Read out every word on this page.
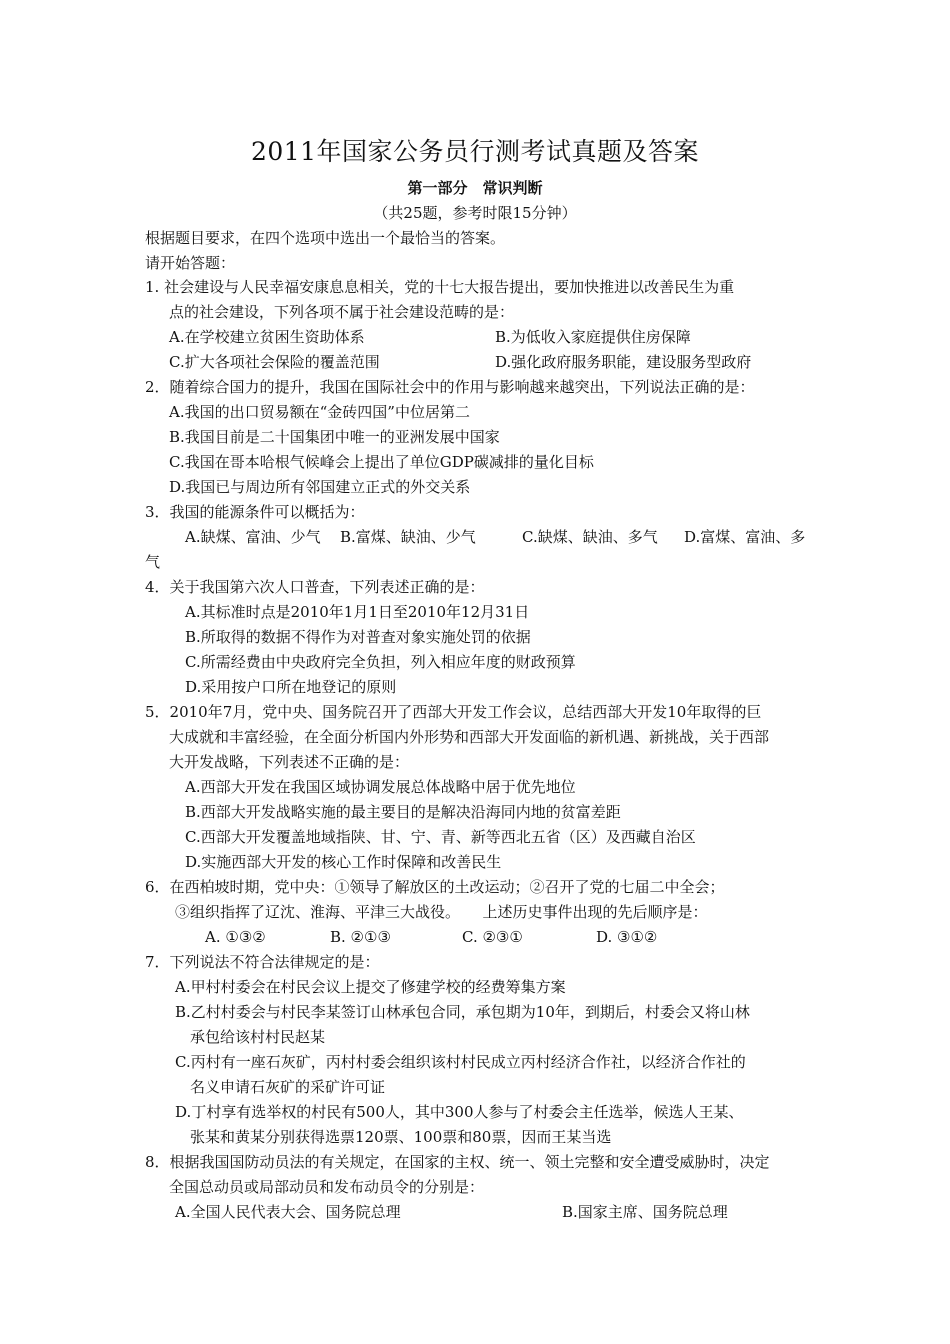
2011年国家公务员行测考试真题及答案
第一部分　常识判断
（共25题，参考时限15分钟）
根据题目要求，在四个选项中选出一个最恰当的答案。
请开始答题：
1. 社会建设与人民幸福安康息息相关，党的十七大报告提出，要加快推进以改善民生为重
点的社会建设，下列各项不属于社会建设范畴的是：
A.在学校建立贫困生资助体系	B.为低收入家庭提供住房保障
C.扩大各项社会保险的覆盖范围	D.强化政府服务职能，建设服务型政府
2．随着综合国力的提升，我国在国际社会中的作用与影响越来越突出，下列说法正确的是：
A.我国的出口贸易额在“金砖四国”中位居第二
B.我国目前是二十国集团中唯一的亚洲发展中国家
C.我国在哥本哈根气候峰会上提出了单位GDP碳减排的量化目标
D.我国已与周边所有邻国建立正式的外交关系
3．我国的能源条件可以概括为：
A.缺煤、富油、少气 B.富煤、缺油、少气	C.缺煤、缺油、多气 D.富煤、富油、多
气
4．关于我国第六次人口普查，下列表述正确的是：
A.其标准时点是2010年1月1日至2010年12月31日
B.所取得的数据不得作为对普查对象实施处罚的依据
C.所需经费由中央政府完全负担，列入相应年度的财政预算
D.采用按户口所在地登记的原则
5．2010年7月，党中央、国务院召开了西部大开发工作会议，总结西部大开发10年取得的巨
大成就和丰富经验，在全面分析国内外形势和西部大开发面临的新机遇、新挑战，关于西部
大开发战略，下列表述不正确的是：
A.西部大开发在我国区域协调发展总体战略中居于优先地位
B.西部大开发战略实施的最主要目的是解决沿海同内地的贫富差距
C.西部大开发覆盖地域指陕、甘、宁、青、新等西北五省（区）及西藏自治区
D.实施西部大开发的核心工作时保障和改善民生
6．在西柏坡时期，党中央：①领导了解放区的土改运动；②召开了党的七届二中全会；
③组织指挥了辽沈、淮海、平津三大战役。　　上述历史事件出现的先后顺序是：
A. ①③②	B. ②①③	C. ②③①	D. ③①②
7．下列说法不符合法律规定的是：
A.甲村村委会在村民会议上提交了修建学校的经费筹集方案
B.乙村村委会与村民李某签订山林承包合同，承包期为10年，到期后，村委会又将山林
承包给该村村民赵某
C.丙村有一座石灰矿，丙村村委会组织该村村民成立丙村经济合作社，以经济合作社的
名义申请石灰矿的采矿许可证
D.丁村享有选举权的村民有500人，其中300人参与了村委会主任选举，候选人王某、
张某和黄某分别获得选票120票、100票和80票，因而王某当选
8．根据我国国防动员法的有关规定，在国家的主权、统一、领土完整和安全遭受威胁时，决定
全国总动员或局部动员和发布动员令的分别是：
A.全国人民代表大会、国务院总理	B.国家主席、国务院总理
